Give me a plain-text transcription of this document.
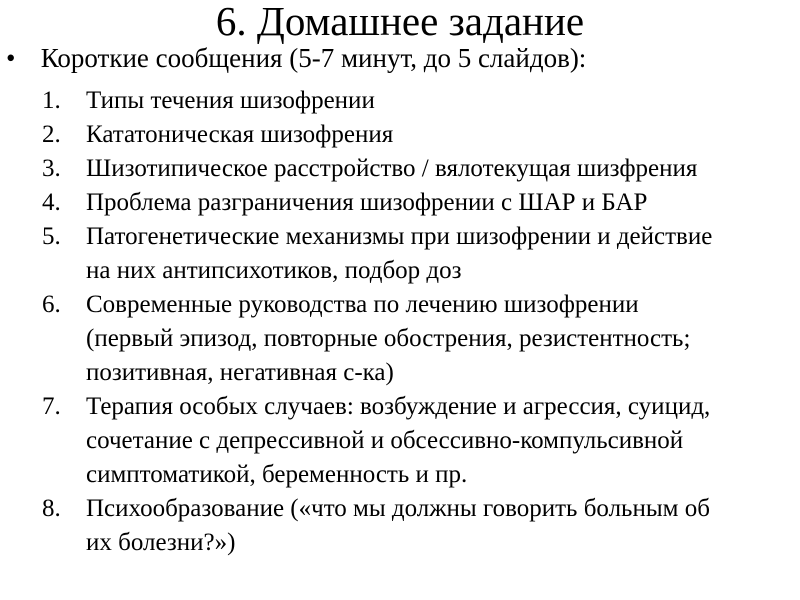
6. Домашнее задание
• Короткие сообщения (5-7 минут, до 5 слайдов):
1.	Типы течения шизофрении
2.	Кататоническая шизофрения
3.	Шизотипическое расстройство / вялотекущая шизфрения
4.	Проблема разграничения шизофрении с ШАР и БАР
5.	Патогенетические механизмы при шизофрении и действие
на них антипсихотиков, подбор доз
6.	Современные руководства по лечению шизофрении
(первый эпизод, повторные обострения, резистентность;
позитивная, негативная с-ка)
7.	Терапия особых случаев: возбуждение и агрессия, суицид,
сочетание с депрессивной и обсессивно-компульсивной
симптоматикой, беременность и пр.
8.	Психообразование («что мы должны говорить больным об
их болезни?»)
